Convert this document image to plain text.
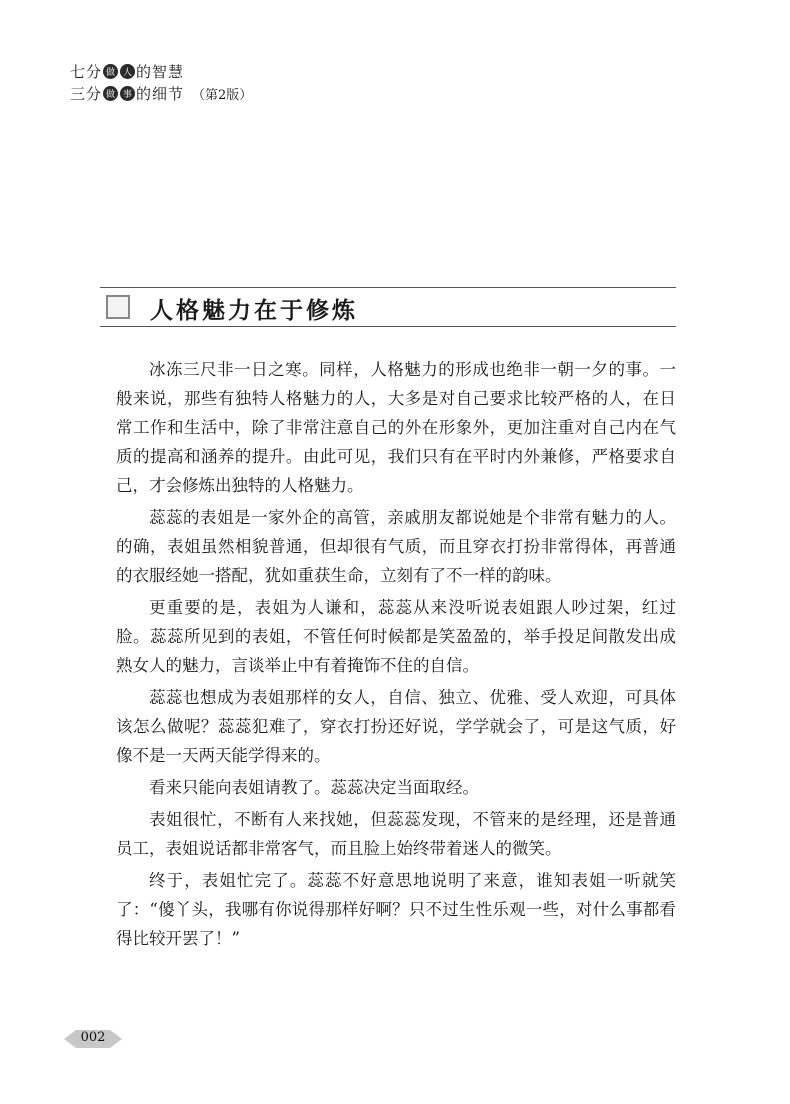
七分 做 人 的智慧
三分 做 事 的细节 （第2版）
人格魅力在于修炼

冰冻三尺非一日之寒。同样，人格魅力的形成也绝非一朝一夕的事。一般来说，那些有独特人格魅力的人，大多是对自己要求比较严格的人，在日常工作和生活中，除了非常注意自己的外在形象外，更加注重对自己内在气质的提高和涵养的提升。由此可见，我们只有在平时内外兼修，严格要求自己，才会修炼出独特的人格魅力。

蕊蕊的表姐是一家外企的高管，亲戚朋友都说她是个非常有魅力的人。的确，表姐虽然相貌普通，但却很有气质，而且穿衣打扮非常得体，再普通的衣服经她一搭配，犹如重获生命，立刻有了不一样的韵味。

更重要的是，表姐为人谦和，蕊蕊从来没听说表姐跟人吵过架，红过脸。蕊蕊所见到的表姐，不管任何时候都是笑盈盈的，举手投足间散发出成熟女人的魅力，言谈举止中有着掩饰不住的自信。

蕊蕊也想成为表姐那样的女人，自信、独立、优雅、受人欢迎，可具体该怎么做呢？蕊蕊犯难了，穿衣打扮还好说，学学就会了，可是这气质，好像不是一天两天能学得来的。

看来只能向表姐请教了。蕊蕊决定当面取经。

表姐很忙，不断有人来找她，但蕊蕊发现，不管来的是经理，还是普通员工，表姐说话都非常客气，而且脸上始终带着迷人的微笑。

终于，表姐忙完了。蕊蕊不好意思地说明了来意，谁知表姐一听就笑了：“傻丫头，我哪有你说得那样好啊？只不过生性乐观一些，对什么事都看得比较开罢了！”

002
